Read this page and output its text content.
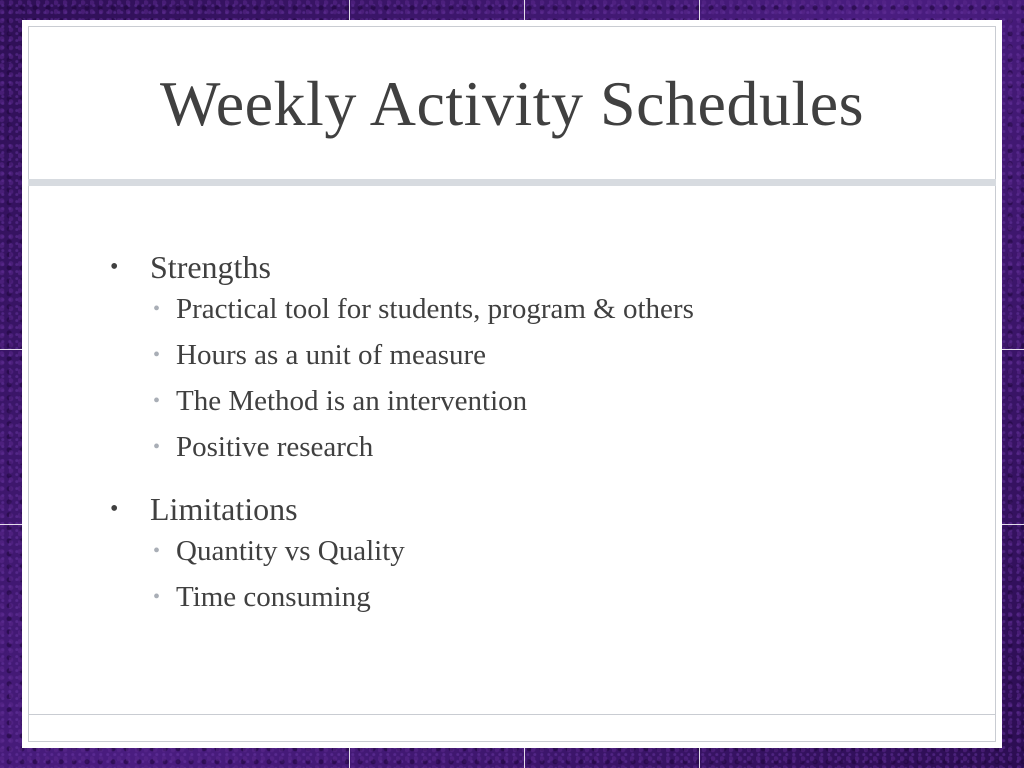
Weekly Activity Schedules
• Strengths
• Practical tool for students, program & others
• Hours as a unit of measure
• The Method is an intervention
• Positive research
• Limitations
• Quantity vs Quality
• Time consuming
